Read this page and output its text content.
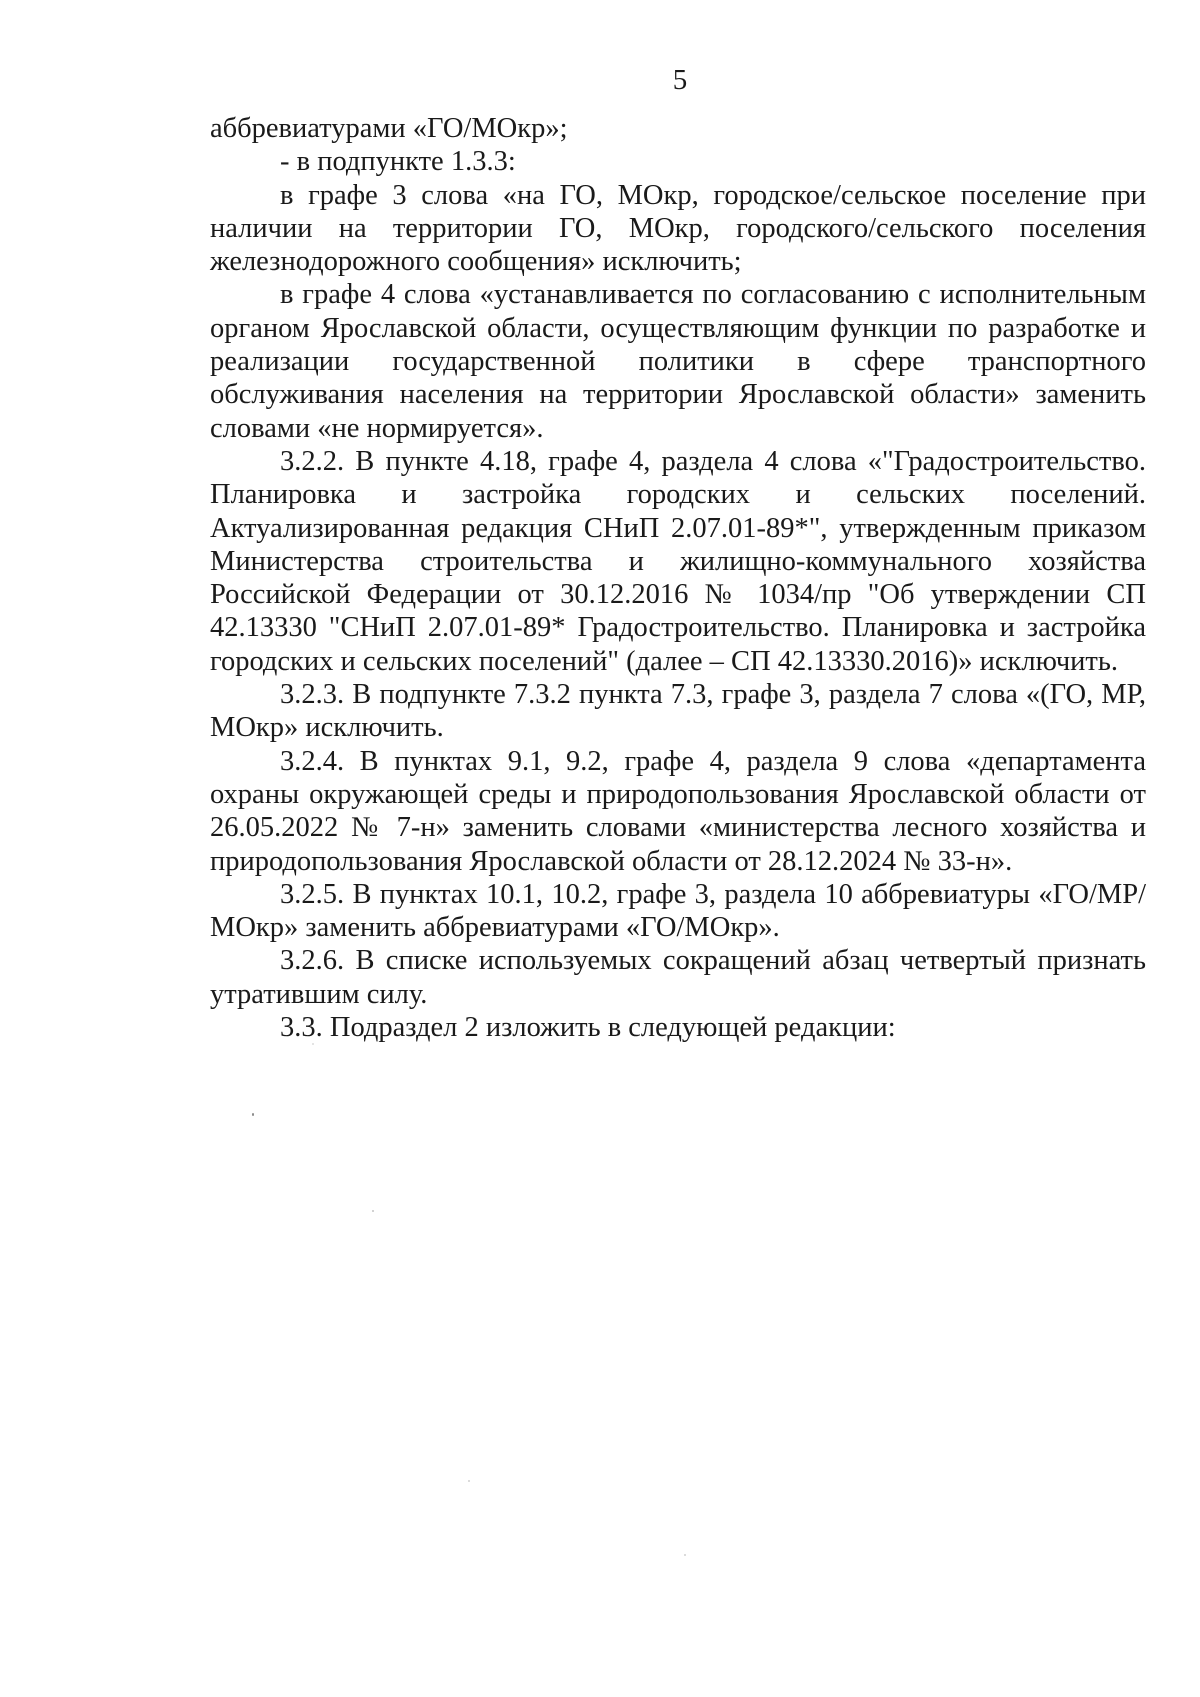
5

аббревиатурами «ГО/МОкр»;

- в подпункте 1.3.3:

в графе 3 слова «на ГО, МОкр, городское/сельское поселение при наличии на территории ГО, МОкр, городского/сельского поселения железнодорожного сообщения» исключить;

в графе 4 слова «устанавливается по согласованию с исполнительным органом Ярославской области, осуществляющим функции по разработке и реализации государственной политики в сфере транспортного обслуживания населения на территории Ярославской области» заменить словами «не нормируется».

3.2.2. В пункте 4.18, графе 4, раздела 4 слова «"Градостроительство. Планировка и застройка городских и сельских поселений. Актуализированная редакция СНиП 2.07.01-89*", утвержденным приказом Министерства строительства и жилищно-коммунального хозяйства Российской Федерации от 30.12.2016 № 1034/пр "Об утверждении СП 42.13330 "СНиП 2.07.01-89* Градостроительство. Планировка и застройка городских и сельских поселений" (далее – СП 42.13330.2016)» исключить.

3.2.3. В подпункте 7.3.2 пункта 7.3, графе 3, раздела 7 слова «(ГО, МР, МОкр» исключить.

3.2.4. В пунктах 9.1, 9.2, графе 4, раздела 9 слова «департамента охраны окружающей среды и природопользования Ярославской области от 26.05.2022 № 7-н» заменить словами «министерства лесного хозяйства и природопользования Ярославской области от 28.12.2024 № 33-н».

3.2.5. В пунктах 10.1, 10.2, графе 3, раздела 10 аббревиатуры «ГО/МР/МОкр» заменить аббревиатурами «ГО/МОкр».

3.2.6. В списке используемых сокращений абзац четвертый признать утратившим силу.

3.3. Подраздел 2 изложить в следующей редакции:
